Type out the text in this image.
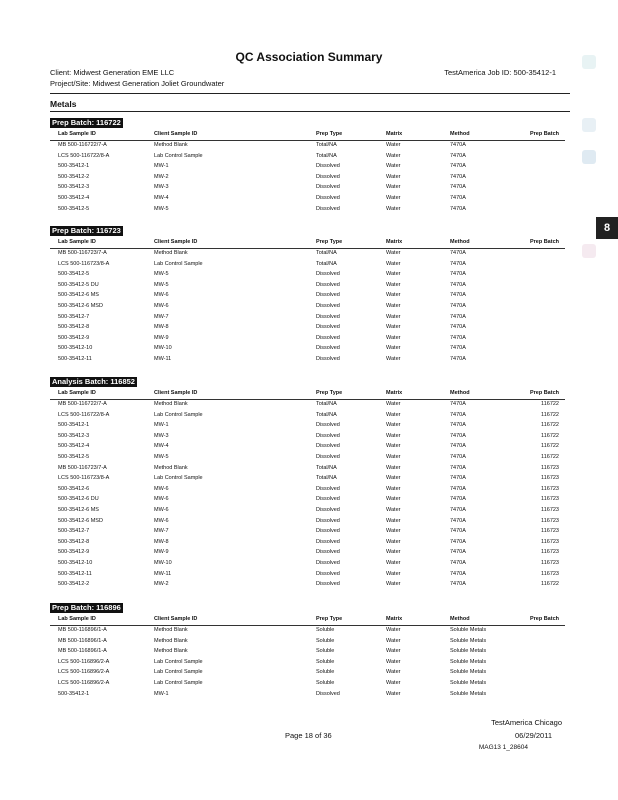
QC Association Summary
Client: Mid⁠west Generation EME LLC	TestAmerica Job ID: 500-35412-1
Project/Site: Midwest Generation Joliet Groundwater
Metals
8
Prep Batch: 116722
Lab Sample ID	Client Sample ID	Prep Type	Matrix	Method	Prep Batch
MB 500-116722/7-A	Method Blank	Total/NA	Water	7470A
LCS 500-116722/8-A	Lab Control Sample	Total/NA	Water	7470A
500-35412-1	MW-1	Dissolved	Water	7470A
500-35412-2	MW-2	Dissolved	Water	7470A
500-35412-3	MW-3	Dissolved	Water	7470A
500-35412-4	MW-4	Dissolved	Water	7470A
500-35412-5	MW-5	Dissolved	Water	7470A
Prep Batch: 116723
Lab Sample ID	Client Sample ID	Prep Type	Matrix	Method	Prep Batch
MB 500-116723/7-A	Method Blank	Total/NA	Water	7470A
LCS 500-116723/8-A	Lab Control Sample	Total/NA	Water	7470A
500-35412-5	MW-5	Dissolved	Water	7470A
500-35412-5 DU	MW-5	Dissolved	Water	7470A
500-35412-6 MS	MW-6	Dissolved	Water	7470A
500-35412-6 MSD	MW-6	Dissolved	Water	7470A
500-35412-7	MW-7	Dissolved	Water	7470A
500-35412-8	MW-8	Dissolved	Water	7470A
500-35412-9	MW-9	Dissolved	Water	7470A
500-35412-10	MW-10	Dissolved	Water	7470A
500-35412-11	MW-11	Dissolved	Water	7470A
Analysis Batch: 116852
Lab Sample ID	Client Sample ID	Prep Type	Matrix	Method	Prep Batch
MB 500-116722/7-A	Method Blank	Total/NA	Water	7470A	116722
LCS 500-116722/8-A	Lab Control Sample	Total/NA	Water	7470A	116722
500-35412-1	MW-1	Dissolved	Water	7470A	116722
500-35412-3	MW-3	Dissolved	Water	7470A	116722
500-35412-4	MW-4	Dissolved	Water	7470A	116722
500-35412-5	MW-5	Dissolved	Water	7470A	116722
MB 500-116723/7-A	Method Blank	Total/NA	Water	7470A	116723
LCS 500-116723/8-A	Lab Control Sample	Total/NA	Water	7470A	116723
500-35412-6	MW-6	Dissolved	Water	7470A	116723
500-35412-6 DU	MW-6	Dissolved	Water	7470A	116723
500-35412-6 MS	MW-6	Dissolved	Water	7470A	116723
500-35412-6 MSD	MW-6	Dissolved	Water	7470A	116723
500-35412-7	MW-7	Dissolved	Water	7470A	116723
500-35412-8	MW-8	Dissolved	Water	7470A	116723
500-35412-9	MW-9	Dissolved	Water	7470A	116723
500-35412-10	MW-10	Dissolved	Water	7470A	116723
500-35412-11	MW-11	Dissolved	Water	7470A	116723
500-35412-2	MW-2	Dissolved	Water	7470A	116722
Prep Batch: 116896
Lab Sample ID	Client Sample ID	Prep Type	Matrix	Method	Prep Batch
MB 500-116896/1-A	Method Blank	Soluble	Water	Soluble Metals
MB 500-116896/1-A	Method Blank	Soluble	Water	Soluble Metals
MB 500-116896/1-A	Method Blank	Soluble	Water	Soluble Metals
LCS 500-116896/2-A	Lab Control Sample	Soluble	Water	Soluble Metals
LCS 500-116896/2-A	Lab Control Sample	Soluble	Water	Soluble Metals
LCS 500-116896/2-A	Lab Control Sample	Soluble	Water	Soluble Metals
500-35412-1	MW-1	Dissolved	Water	Soluble Metals
TestAmerica Chicago
Page 18 of 36	06/29/2011
MAG13 1_28604
